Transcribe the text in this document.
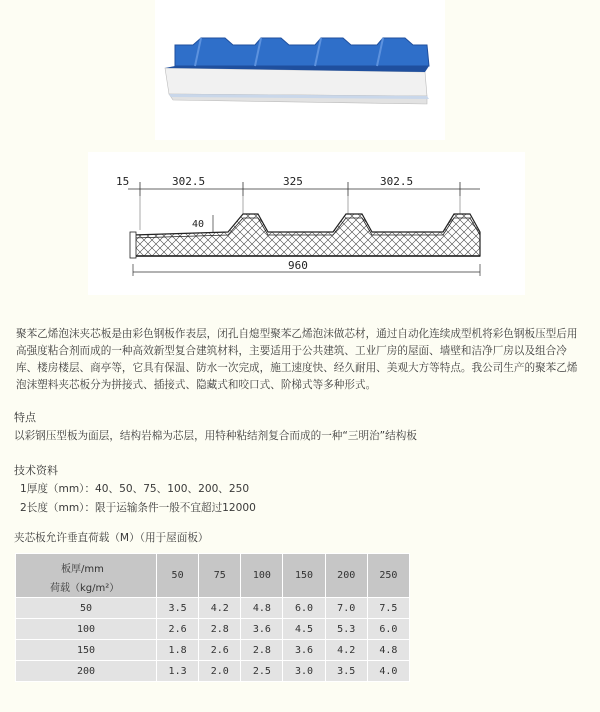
15	302.5	325	302.5
40
960
聚苯乙烯泡沫夹芯板是由彩色钢板作表层，闭孔自熄型聚苯乙烯泡沫做芯材，通过自动化连续成型机将彩色钢板压型后用高强度粘合剂而成的一种高效新型复合建筑材料，主要适用于公共建筑、工业厂房的屋面、墙壁和洁净厂房以及组合冷库、楼房楼层、商亭等，它具有保温、防水一次完成，施工速度快、经久耐用、美观大方等特点。我公司生产的聚苯乙烯泡沫塑料夹芯板分为拼接式、插接式、隐藏式和咬口式、阶梯式等多种形式。
特点
以彩钢压型板为面层，结构岩棉为芯层，用特种粘结剂复合而成的一种“三明治”结构板
技术资料
1厚度（mm）：40、50、75、100、200、250
2长度（mm）：限于运输条件一般不宜超过12000
夹芯板允许垂直荷载（M）（用于屋面板）
板厚/mm
荷载（kg/m²）	50	75	100	150	200	250
50	3.5	4.2	4.8	6.0	7.0	7.5
100	2.6	2.8	3.6	4.5	5.3	6.0
150	1.8	2.6	2.8	3.6	4.2	4.8
200	1.3	2.0	2.5	3.0	3.5	4.0
